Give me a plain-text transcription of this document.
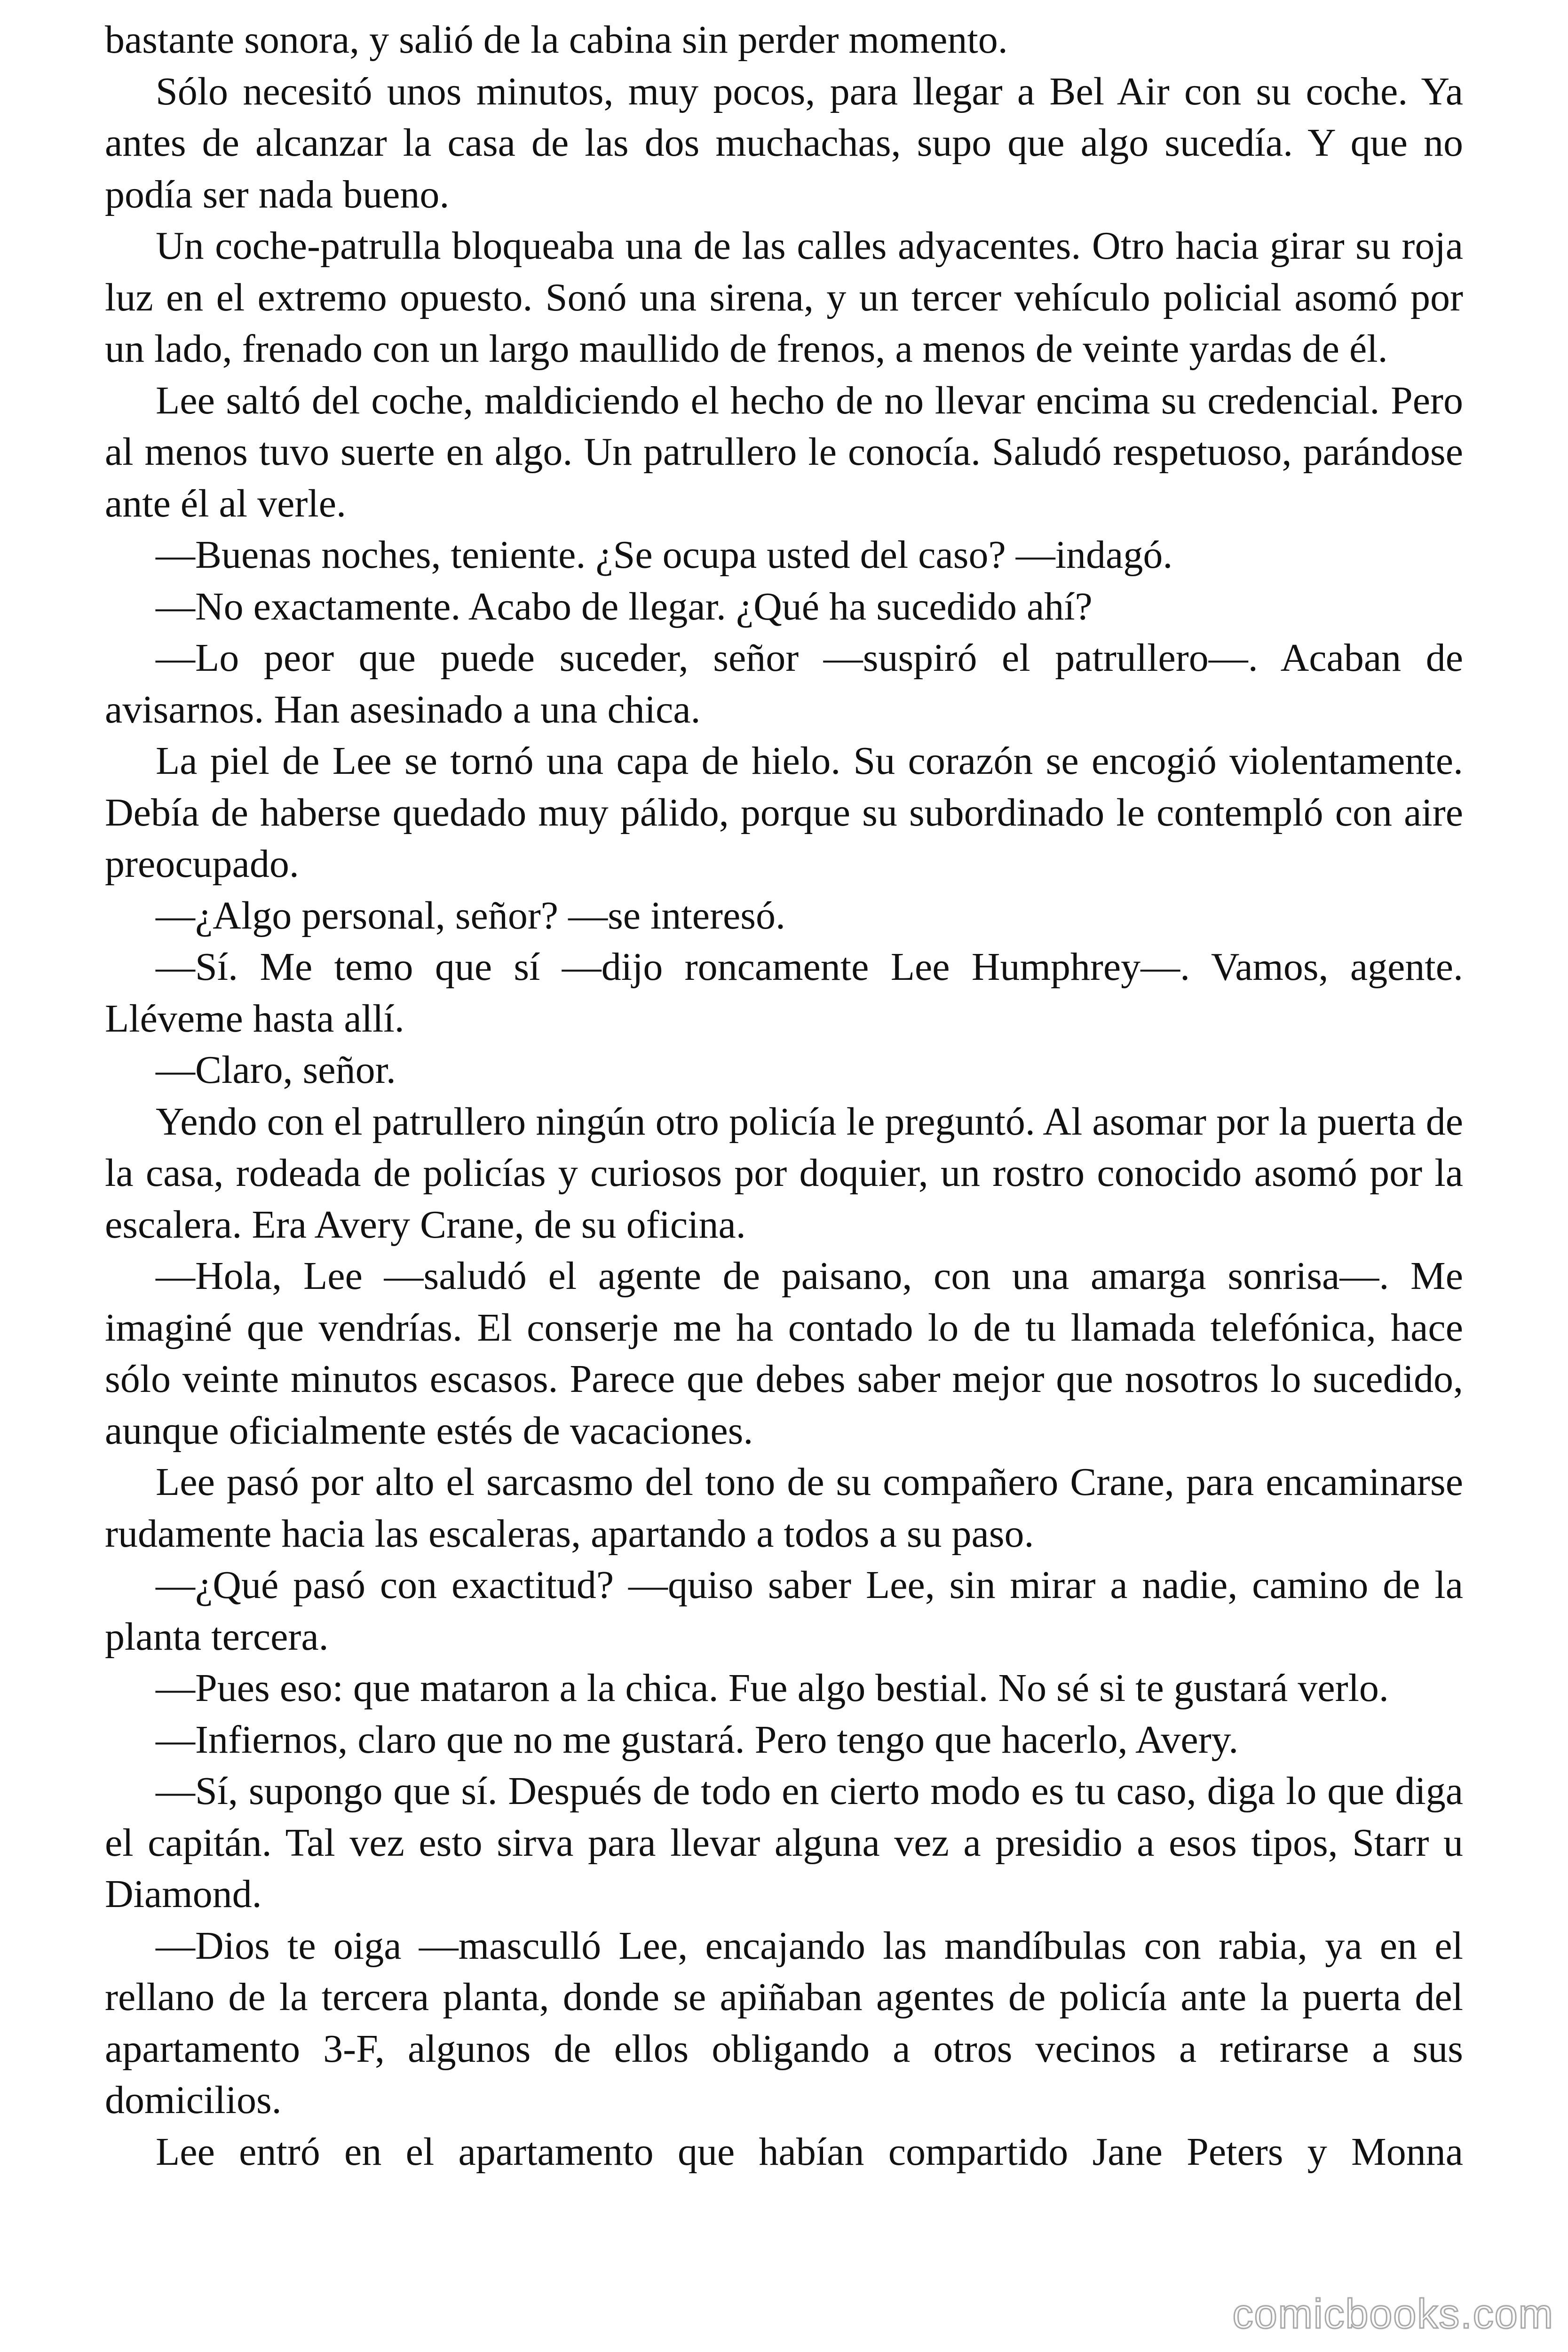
bastante sonora, y salió de la cabina sin perder momento.

Sólo necesitó unos minutos, muy pocos, para llegar a Bel Air con su coche. Ya antes de alcanzar la casa de las dos muchachas, supo que algo sucedía. Y que no podía ser nada bueno.

Un coche-patrulla bloqueaba una de las calles adyacentes. Otro hacia girar su roja luz en el extremo opuesto. Sonó una sirena, y un tercer vehículo policial asomó por un lado, frenado con un largo maullido de frenos, a menos de veinte yardas de él.

Lee saltó del coche, maldiciendo el hecho de no llevar encima su credencial. Pero al menos tuvo suerte en algo. Un patrullero le conocía. Saludó respetuoso, parándose ante él al verle.

—Buenas noches, teniente. ¿Se ocupa usted del caso? —indagó.

—No exactamente. Acabo de llegar. ¿Qué ha sucedido ahí?

—Lo peor que puede suceder, señor —suspiró el patrullero—. Acaban de avisarnos. Han asesinado a una chica.

La piel de Lee se tornó una capa de hielo. Su corazón se encogió violentamente. Debía de haberse quedado muy pálido, porque su subordinado le contempló con aire preocupado.

—¿Algo personal, señor? —se interesó.

—Sí. Me temo que sí —dijo roncamente Lee Humphrey—. Vamos, agente. Lléveme hasta allí.

—Claro, señor.

Yendo con el patrullero ningún otro policía le preguntó. Al asomar por la puerta de la casa, rodeada de policías y curiosos por doquier, un rostro conocido asomó por la escalera. Era Avery Crane, de su oficina.

—Hola, Lee —saludó el agente de paisano, con una amarga sonrisa—. Me imaginé que vendrías. El conserje me ha contado lo de tu llamada telefónica, hace sólo veinte minutos escasos. Parece que debes saber mejor que nosotros lo sucedido, aunque oficialmente estés de vacaciones.

Lee pasó por alto el sarcasmo del tono de su compañero Crane, para encaminarse rudamente hacia las escaleras, apartando a todos a su paso.

—¿Qué pasó con exactitud? —quiso saber Lee, sin mirar a nadie, camino de la planta tercera.

—Pues eso: que mataron a la chica. Fue algo bestial. No sé si te gustará verlo.

—Infiernos, claro que no me gustará. Pero tengo que hacerlo, Avery.

—Sí, supongo que sí. Después de todo en cierto modo es tu caso, diga lo que diga el capitán. Tal vez esto sirva para llevar alguna vez a presidio a esos tipos, Starr u Diamond.

—Dios te oiga —masculló Lee, encajando las mandíbulas con rabia, ya en el rellano de la tercera planta, donde se apiñaban agentes de policía ante la puerta del apartamento 3-F, algunos de ellos obligando a otros vecinos a retirarse a sus domicilios.

Lee entró en el apartamento que habían compartido Jane Peters y Monna

comicbooks.com
